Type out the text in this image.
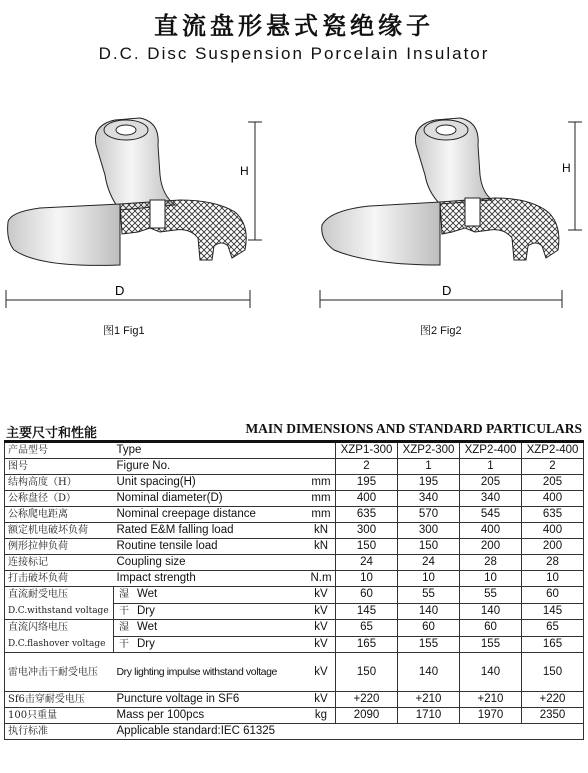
直流盘形悬式瓷绝缘子
D.C. Disc Suspension Porcelain Insulator
H
D
图1 Fig1
H
D
图2 Fig2
主要尺寸和性能	MAIN DIMENSIONS AND STANDARD PARTICULARS
产品型号	Type			XZP1-300	XZP2-300	XZP2-400	XZP2-400
图号	Figure No.			2	1	1	2
结构高度（H）	Unit spacing(H)		mm	195	195	205	205
公称盘径（D）	Nominal diameter(D)		mm	400	340	340	400
公称爬电距离	Nominal creepage distance		mm	635	570	545	635
额定机电破坏负荷	Rated E&M falling load		kN	300	300	400	400
例形拉伸负荷	Routine tensile load		kN	150	150	200	200
连接标记	Coupling size			24	24	28	28
打击破坏负荷	Impact strength		N.m	10	10	10	10

直流耐受电压
D.C.withstand voltage	湿	Wet	kV	60	55	55	60
	干	Dry	kV	145	140	140	145

直流闪络电压
D.C.flashover voltage	湿	Wet	kV	65	60	60	65
	干	Dry	kV	165	155	155	165
雷电冲击干耐受电压	Dry lighting impulse withstand voltage		kV	150	140	140	150
Sf6击穿耐受电压	Puncture voltage in SF6		kV	+220	+210	+210	+220
100只重量	Mass per 100pcs		kg	2090	1710	1970	2350
执行标准	Applicable standard:IEC 61325						
